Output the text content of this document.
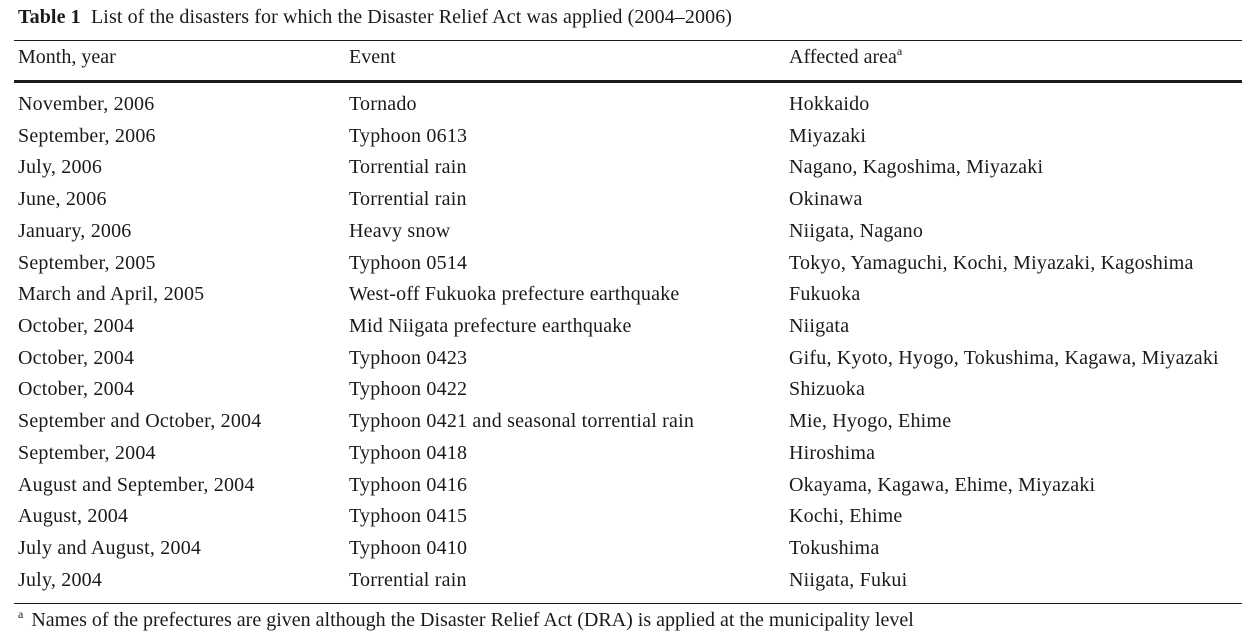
Table 1 List of the disasters for which the Disaster Relief Act was applied (2004–2006)
Month, year	Event	Affected area$^a$
November, 2006	Tornado	Hokkaido
September, 2006	Typhoon 0613	Miyazaki
July, 2006	Torrential rain	Nagano, Kagoshima, Miyazaki
June, 2006	Torrential rain	Okinawa
January, 2006	Heavy snow	Niigata, Nagano
September, 2005	Typhoon 0514	Tokyo, Yamaguchi, Kochi, Miyazaki, Kagoshima
March and April, 2005	West-off Fukuoka prefecture earthquake	Fukuoka
October, 2004	Mid Niigata prefecture earthquake	Niigata
October, 2004	Typhoon 0423	Gifu, Kyoto, Hyogo, Tokushima, Kagawa, Miyazaki
October, 2004	Typhoon 0422	Shizuoka
September and October, 2004	Typhoon 0421 and seasonal torrential rain	Mie, Hyogo, Ehime
September, 2004	Typhoon 0418	Hiroshima
August and September, 2004	Typhoon 0416	Okayama, Kagawa, Ehime, Miyazaki
August, 2004	Typhoon 0415	Kochi, Ehime
July and August, 2004	Typhoon 0410	Tokushima
July, 2004	Torrential rain	Niigata, Fukui
$^a$ Names of the prefectures are given although the Disaster Relief Act (DRA) is applied at the municipality level
